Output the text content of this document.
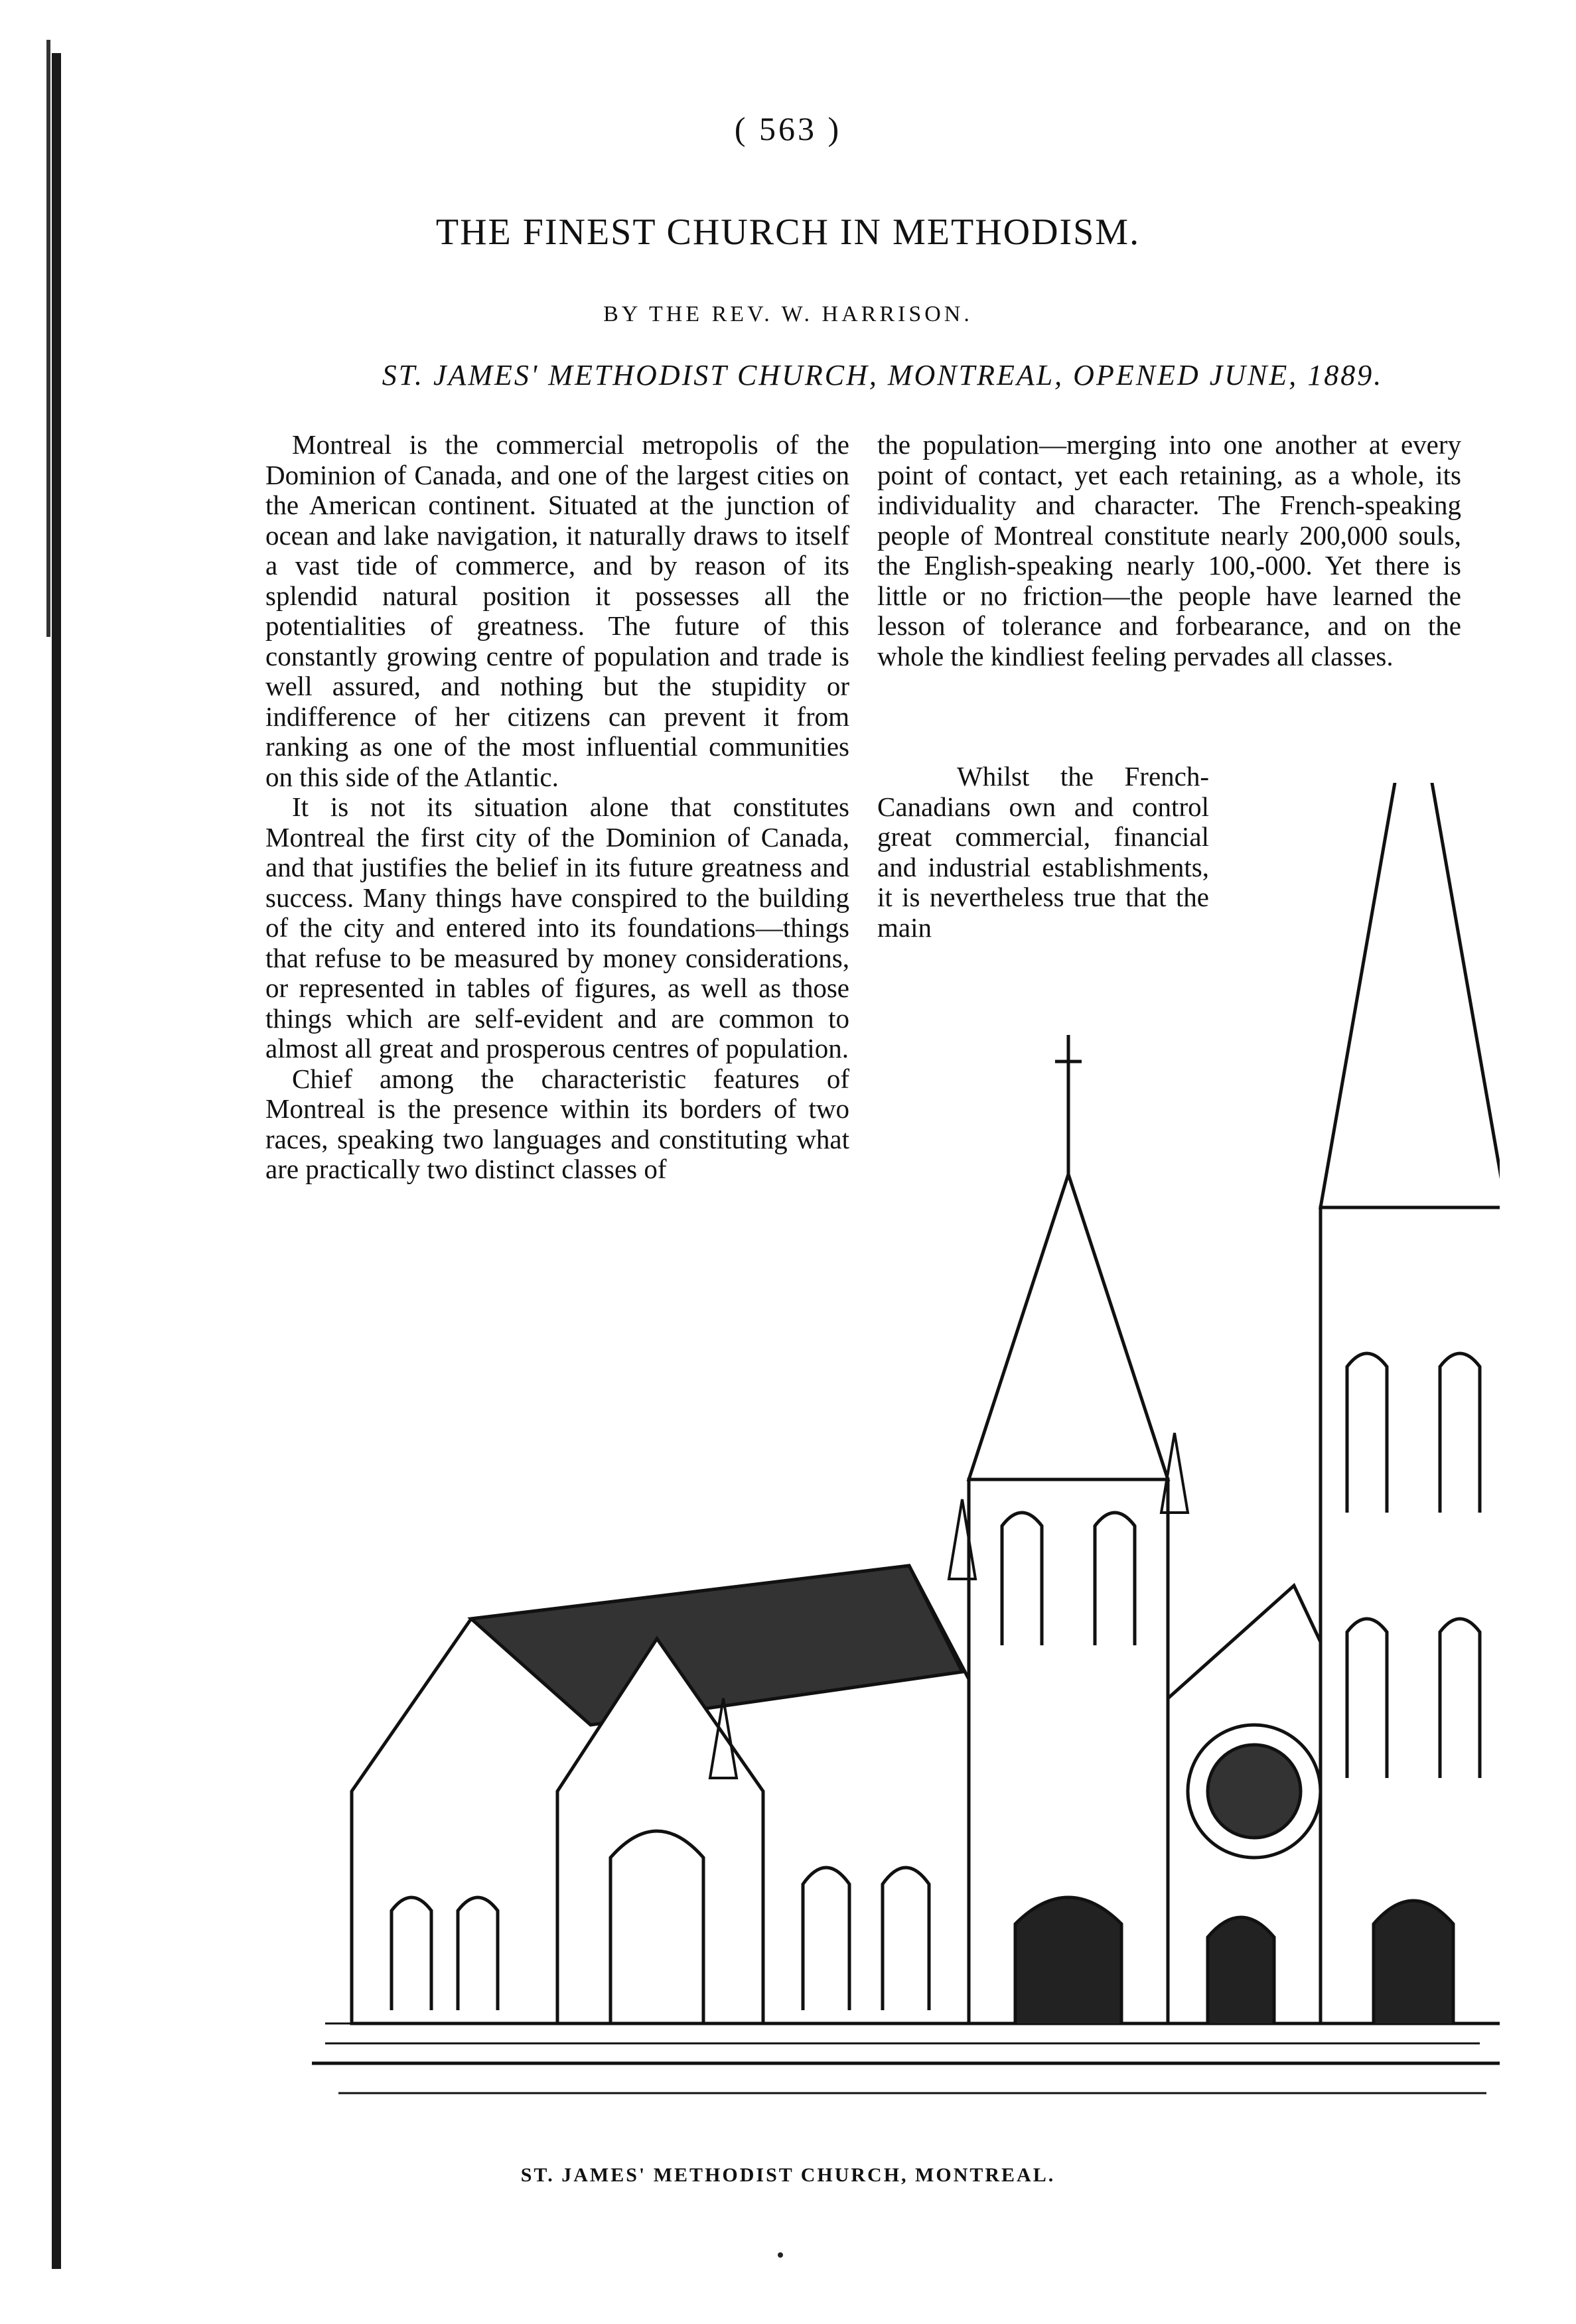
( 563 )
THE FINEST CHURCH IN METHODISM.
BY THE REV. W. HARRISON.
ST. JAMES' METHODIST CHURCH, MONTREAL, OPENED JUNE, 1889.

Montreal is the commercial metropolis of the Dominion of Canada, and one of the largest cities on the American continent. Situated at the junction of ocean and lake navigation, it naturally draws to itself a vast tide of commerce, and by reason of its splendid natural position it possesses all the potentialities of greatness. The future of this constantly growing centre of population and trade is well assured, and nothing but the stupidity or indifference of her citizens can prevent it from ranking as one of the most influential communities on this side of the Atlantic.

It is not its situation alone that constitutes Montreal the first city of the Dominion of Canada, and that justifies the belief in its future greatness and success. Many things have conspired to the building of the city and entered into its foundations—things that refuse to be measured by money considerations, or represented in tables of figures, as well as those things which are self-evident and are common to almost all great and prosperous centres of population.

Chief among the characteristic features of Montreal is the presence within its borders of two races, speaking two languages and constituting what are practically two distinct classes of

the population—merging into one another at every point of contact, yet each retaining, as a whole, its individuality and character. The French-speaking people of Montreal constitute nearly 200,000 souls, the English-speaking nearly 100,-000. Yet there is little or no friction—the people have learned the lesson of tolerance and forbearance, and on the whole the kindliest feeling pervades all classes.

Whilst the French-Canadians own and control great commercial, financial and industrial establishments, it is nevertheless true that the main

ST. JAMES' METHODIST CHURCH, MONTREAL.
